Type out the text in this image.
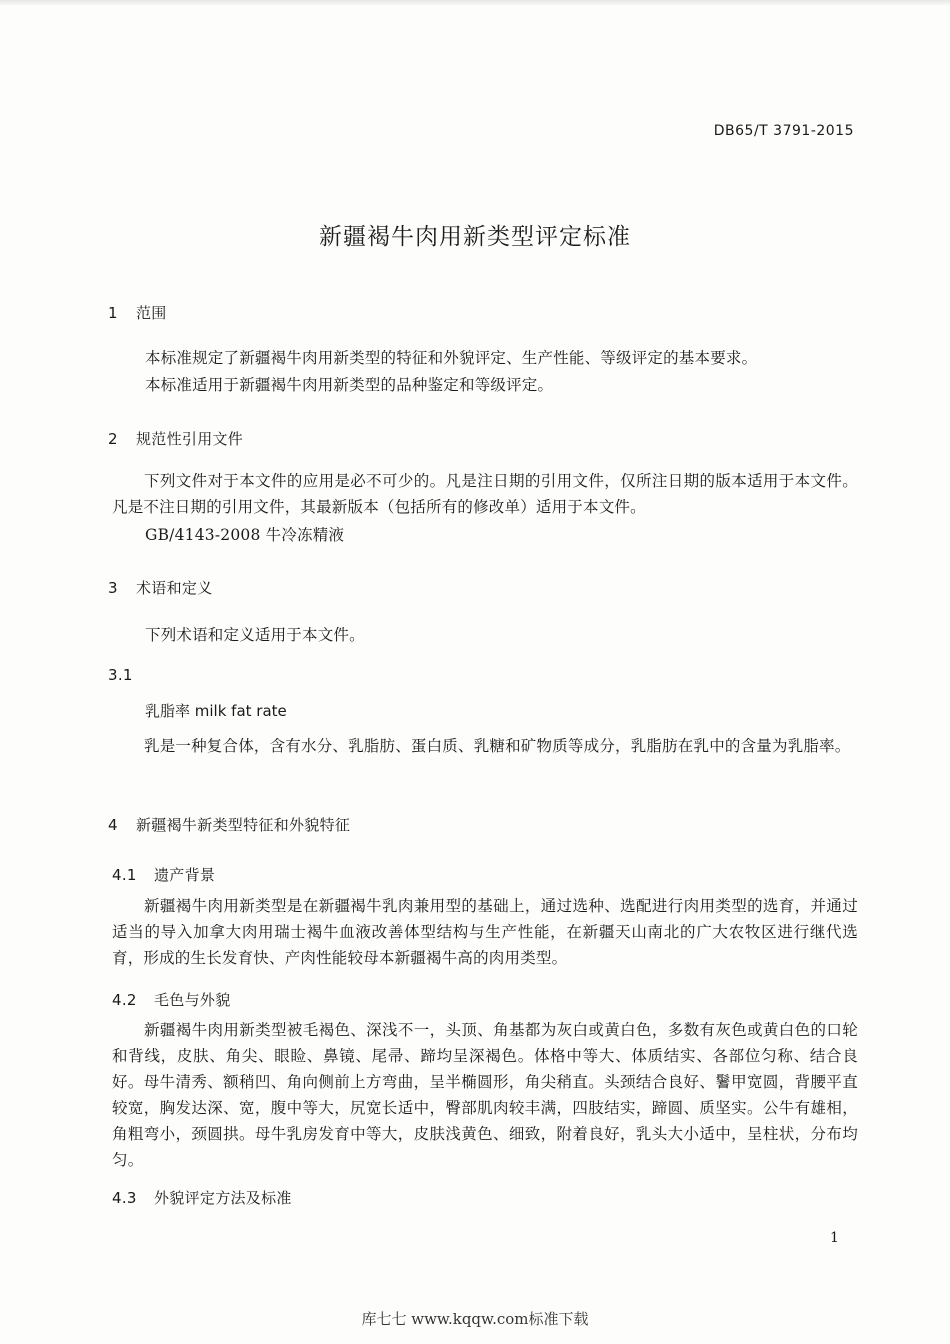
DB65/T 3791-2015
新疆褐牛肉用新类型评定标准
1 范围
本标准规定了新疆褐牛肉用新类型的特征和外貌评定、生产性能、等级评定的基本要求。
本标准适用于新疆褐牛肉用新类型的品种鉴定和等级评定。
2 规范性引用文件
下列文件对于本文件的应用是必不可少的。凡是注日期的引用文件，仅所注日期的版本适用于本文件。凡是不注日期的引用文件，其最新版本（包括所有的修改单）适用于本文件。
GB/4143-2008 牛冷冻精液
3 术语和定义
下列术语和定义适用于本文件。
3.1
乳脂率 milk fat rate
乳是一种复合体，含有水分、乳脂肪、蛋白质、乳糖和矿物质等成分，乳脂肪在乳中的含量为乳脂率。
4 新疆褐牛新类型特征和外貌特征
4.1 遗产背景
新疆褐牛肉用新类型是在新疆褐牛乳肉兼用型的基础上，通过选种、选配进行肉用类型的选育，并通过适当的导入加拿大肉用瑞士褐牛血液改善体型结构与生产性能，在新疆天山南北的广大农牧区进行继代选育，形成的生长发育快、产肉性能较母本新疆褐牛高的肉用类型。
4.2 毛色与外貌
新疆褐牛肉用新类型被毛褐色、深浅不一，头顶、角基都为灰白或黄白色，多数有灰色或黄白色的口轮和背线，皮肤、角尖、眼睑、鼻镜、尾帚、蹄均呈深褐色。体格中等大、体质结实、各部位匀称、结合良好。母牛清秀、额稍凹、角向侧前上方弯曲，呈半椭圆形，角尖稍直。头颈结合良好、鬐甲宽圆，背腰平直较宽，胸发达深、宽，腹中等大，尻宽长适中，臀部肌肉较丰满，四肢结实，蹄圆、质坚实。公牛有雄相，角粗弯小，颈圆拱。母牛乳房发育中等大，皮肤浅黄色、细致，附着良好，乳头大小适中，呈柱状，分布均匀。
4.3 外貌评定方法及标准
1
库七七 www.kqqw.com标准下载
